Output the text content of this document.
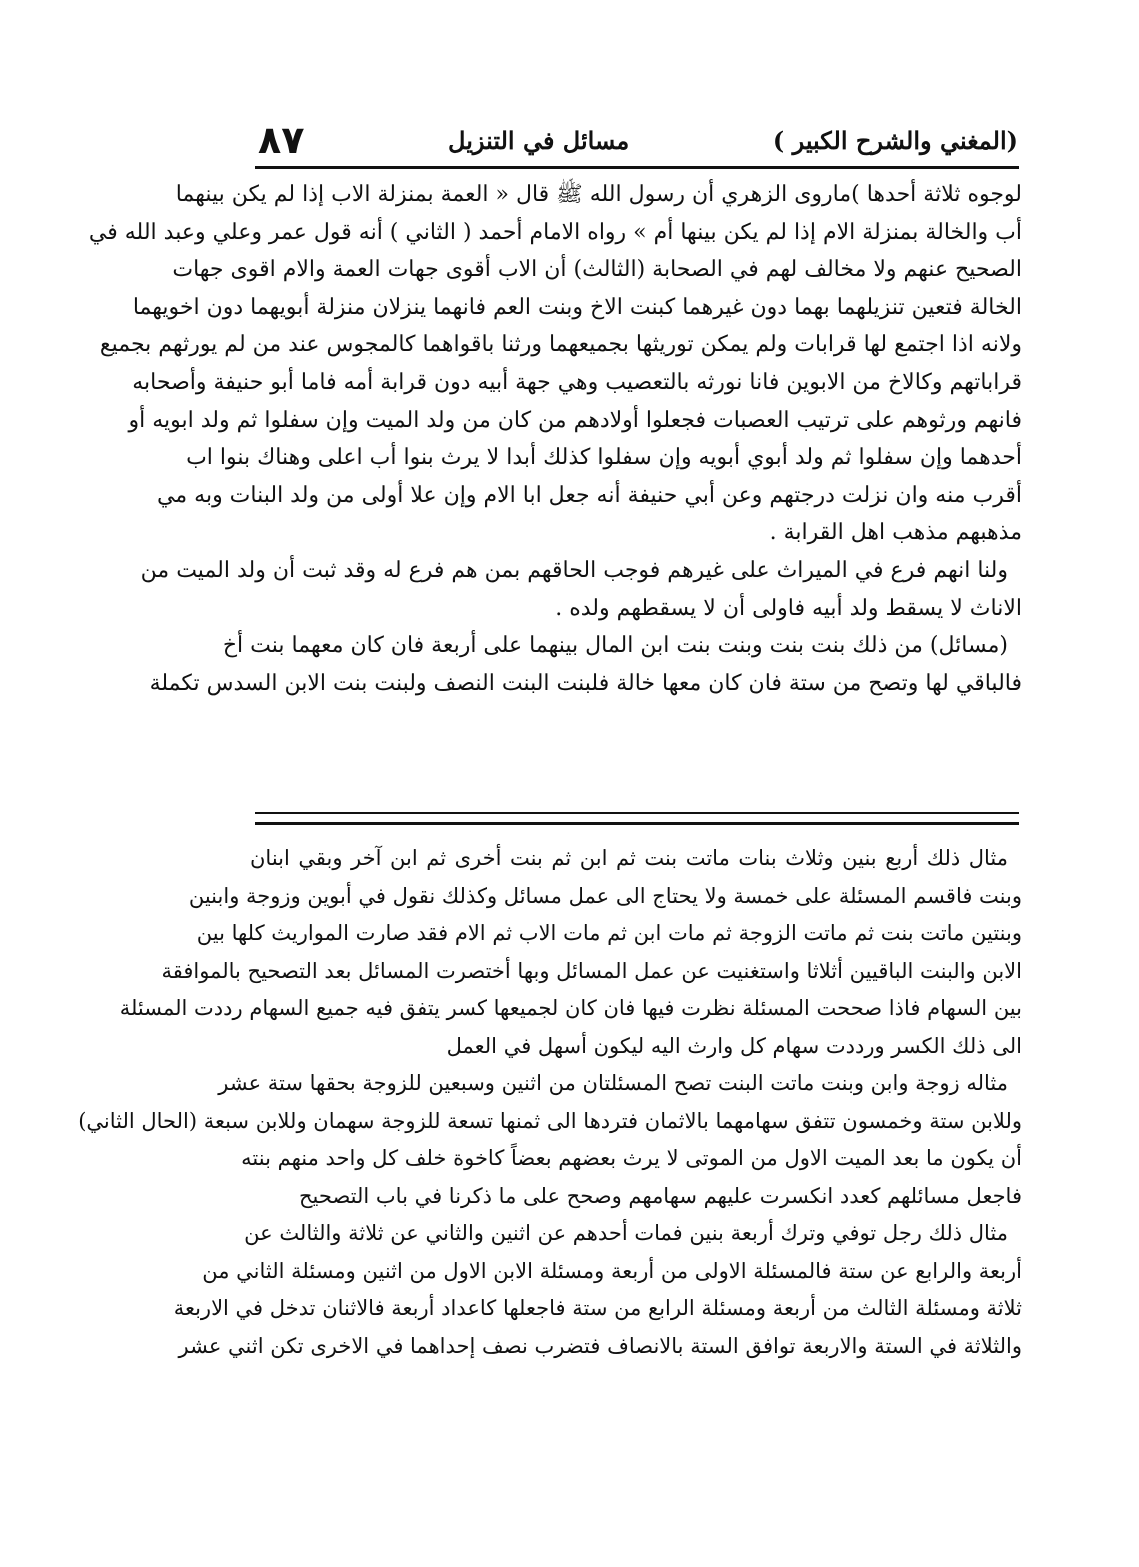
(المغني والشرح الكبير )
مسائل في التنزيل
٨٧
لوجوه ثلاثة أحدها )ماروى الزهري أن رسول الله ﷺ قال « العمة بمنزلة الاب إذا لم يكن بينهما
أب والخالة بمنزلة الام إذا لم يكن بينها أم » رواه الامام أحمد ( الثاني ) أنه قول عمر وعلي وعبد الله في
الصحيح عنهم ولا مخالف لهم في الصحابة (الثالث) أن الاب أقوى جهات العمة والام اقوى جهات
الخالة فتعين تنزيلهما بهما دون غيرهما كبنت الاخ وبنت العم فانهما ينزلان منزلة أبويهما دون اخويهما
ولانه اذا اجتمع لها قرابات ولم يمكن توريثها بجميعهما ورثنا باقواهما كالمجوس عند من لم يورثهم بجميع
قراباتهم وكالاخ من الابوين فانا نورثه بالتعصيب وهي جهة أبيه دون قرابة أمه فاما أبو حنيفة وأصحابه
فانهم ورثوهم على ترتيب العصبات فجعلوا أولادهم من كان من ولد الميت وإن سفلوا ثم ولد ابويه أو
أحدهما وإن سفلوا ثم ولد أبوي أبويه وإن سفلوا كذلك أبدا لا يرث بنوا أب اعلى وهناك بنوا اب
أقرب منه وان نزلت درجتهم وعن أبي حنيفة أنه جعل ابا الام وإن علا أولى من ولد البنات وبه مي
مذهبهم مذهب اهل القرابة .
ولنا انهم فرع في الميراث على غيرهم فوجب الحاقهم بمن هم فرع له وقد ثبت أن ولد الميت من
الاناث لا يسقط ولد أبيه فاولى أن لا يسقطهم ولده .
(مسائل) من ذلك بنت بنت وبنت بنت ابن المال بينهما على أربعة فان كان معهما بنت أخ
فالباقي لها وتصح من ستة فان كان معها خالة فلبنت البنت النصف ولبنت بنت الابن السدس تكملة
مثال ذلك أربع بنين وثلاث بنات ماتت بنت ثم ابن ثم بنت أخرى ثم ابن آخر وبقي ابنان
وبنت فاقسم المسئلة على خمسة ولا يحتاج الى عمل مسائل وكذلك نقول في أبوين وزوجة وابنين
وبنتين ماتت بنت ثم ماتت الزوجة ثم مات ابن ثم مات الاب ثم الام فقد صارت المواريث كلها بين
الابن والبنت الباقيين أثلاثا واستغنيت عن عمل المسائل وبها أختصرت المسائل بعد التصحيح بالموافقة
بين السهام فاذا صححت المسئلة نظرت فيها فان كان لجميعها كسر يتفق فيه جميع السهام رددت المسئلة
الى ذلك الكسر ورددت سهام كل وارث اليه ليكون أسهل في العمل
مثاله زوجة وابن وبنت ماتت البنت تصح المسئلتان من اثنين وسبعين للزوجة بحقها ستة عشر
وللابن ستة وخمسون تتفق سهامهما بالاثمان فتردها الى ثمنها تسعة للزوجة سهمان وللابن سبعة (الحال الثاني)
أن يكون ما بعد الميت الاول من الموتى لا يرث بعضهم بعضاً كاخوة خلف كل واحد منهم بنته
فاجعل مسائلهم كعدد انكسرت عليهم سهامهم وصحح على ما ذكرنا في باب التصحيح
مثال ذلك رجل توفي وترك أربعة بنين فمات أحدهم عن اثنين والثاني عن ثلاثة والثالث عن
أربعة والرابع عن ستة فالمسئلة الاولى من أربعة ومسئلة الابن الاول من اثنين ومسئلة الثاني من
ثلاثة ومسئلة الثالث من أربعة ومسئلة الرابع من ستة فاجعلها كاعداد أربعة فالاثنان تدخل في الاربعة
والثلاثة في الستة والاربعة توافق الستة بالانصاف فتضرب نصف إحداهما في الاخرى تكن اثني عشر
